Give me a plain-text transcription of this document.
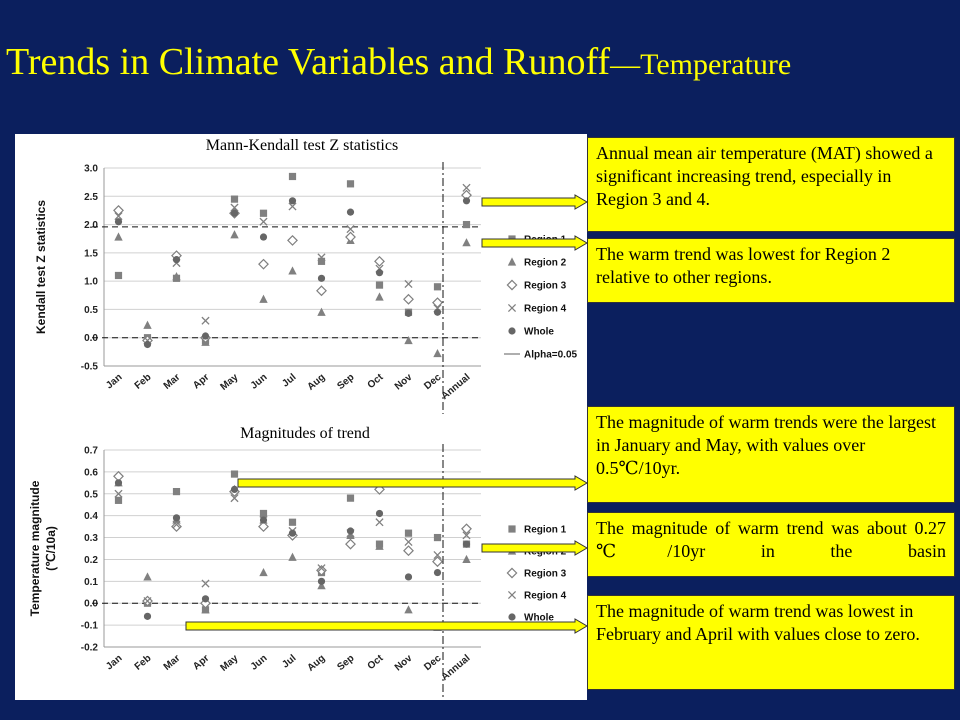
Trends in Climate Variables and Runoff—Temperature
3.0
2.5
2.0
1.5
1.0
0.5
0.0
-0.5
Jan Feb Mar Apr May Jun Jul Aug Sep Oct Nov Dec
Annual
Kendall test Z statistics	Region 2
Region 3
Region 4
Whole
Alpha=0.05
0.7
0.6
0.5
0.4
0.3
0.2
0.1
0.0
-0.1
-0.2
Jan Feb Mar Apr May Jun Jul Aug Sep Oct Nov Dec
Annual
Temperature magnitude (℃/10a)	Region 1
Region 3
Region 4
Whole
Mann-Kendall test Z statistics
Magnitudes of trend
Annual mean air temperature (MAT) showed a significant increasing trend, especially in Region 3 and 4.
The warm trend was lowest for Region 2 relative to other regions.
The magnitude of warm trends were the largest in January and May, with values over 0.5℃/10yr.
The magnitude of warm trend was about 0.27 ℃/10yr in the basin
The magnitude of warm trend was lowest in February and April with values close to zero.
